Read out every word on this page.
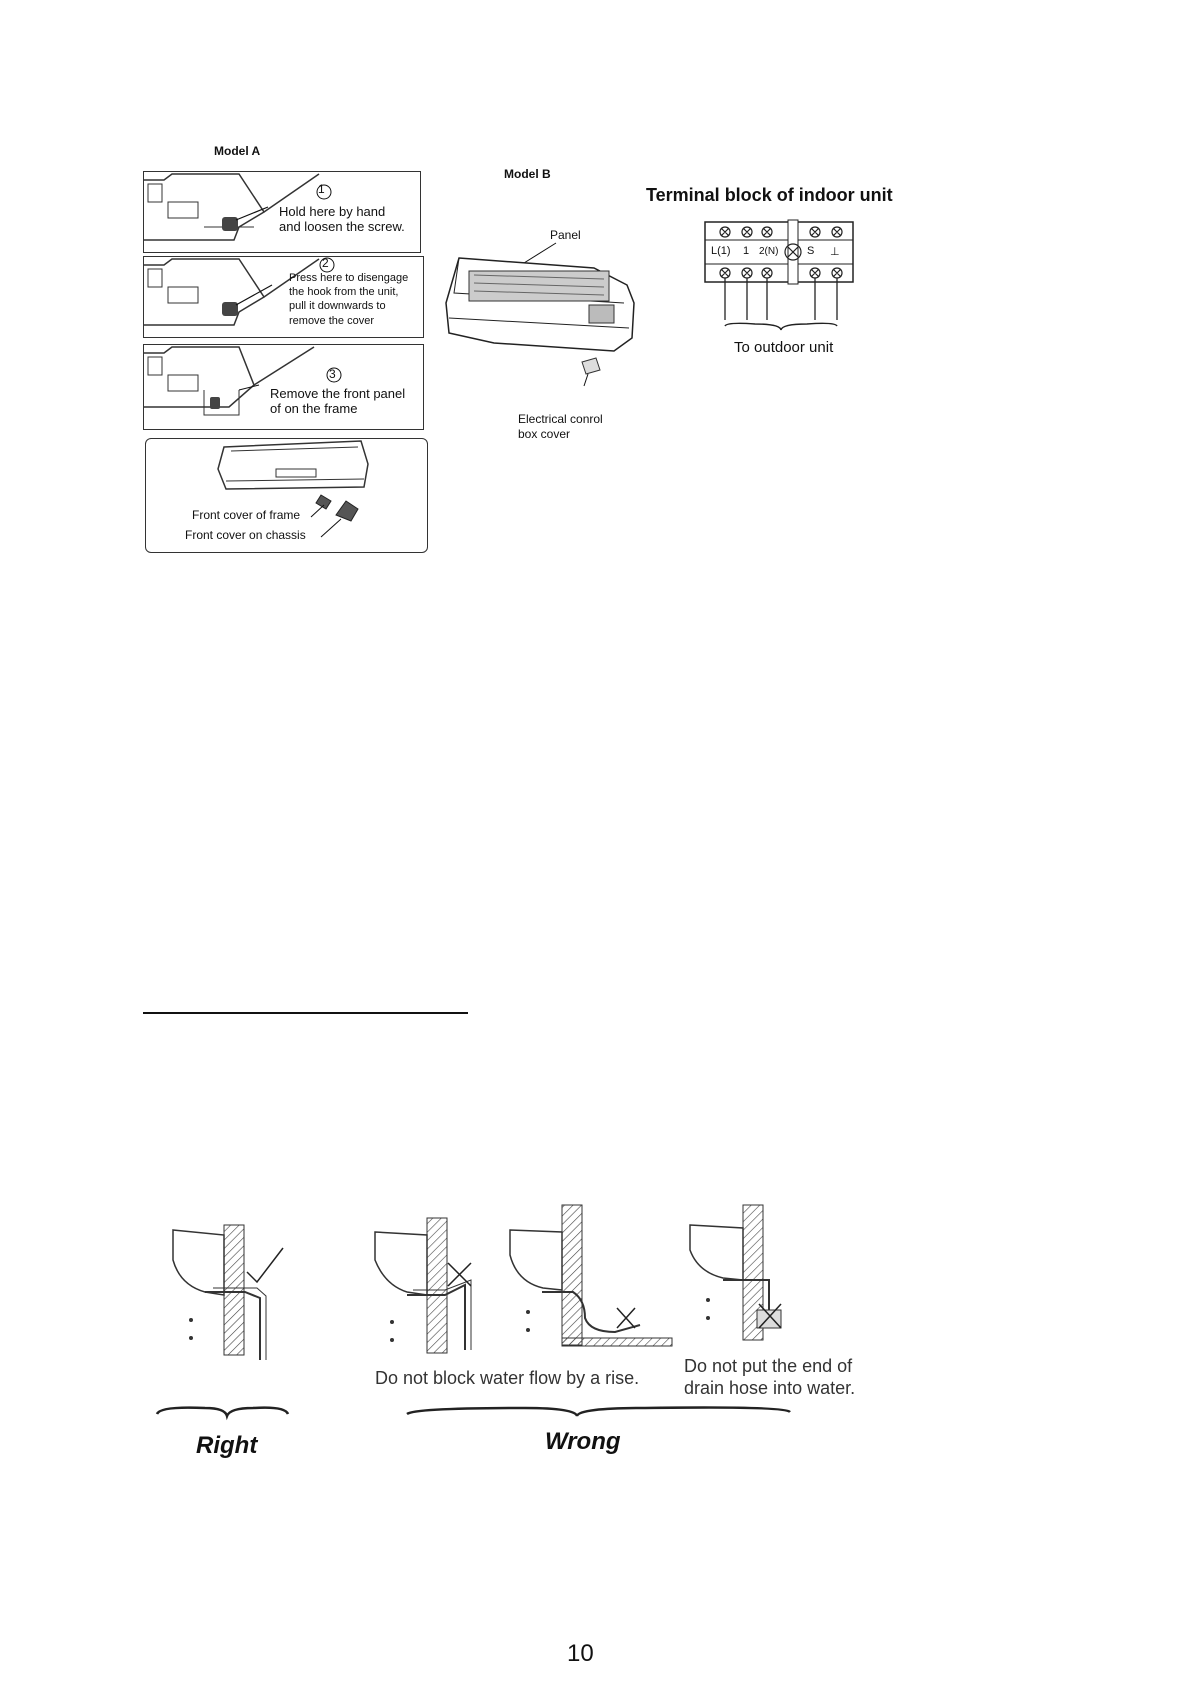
Model A
1
Hold here by hand
and loosen the screw.
2
Press here to disengage
the hook from the unit,
pull it downwards to
remove the cover
3
Remove the front panel
of on the frame
Front cover of frame
Front cover on chassis
Model B
Panel
Electrical conrol
box cover
Terminal block of indoor unit
L(1) 1 2(N)	S ⊥
To outdoor unit
Do not block water flow by a rise.
Do not put the end of
drain hose into water.
Right	Wrong
10
